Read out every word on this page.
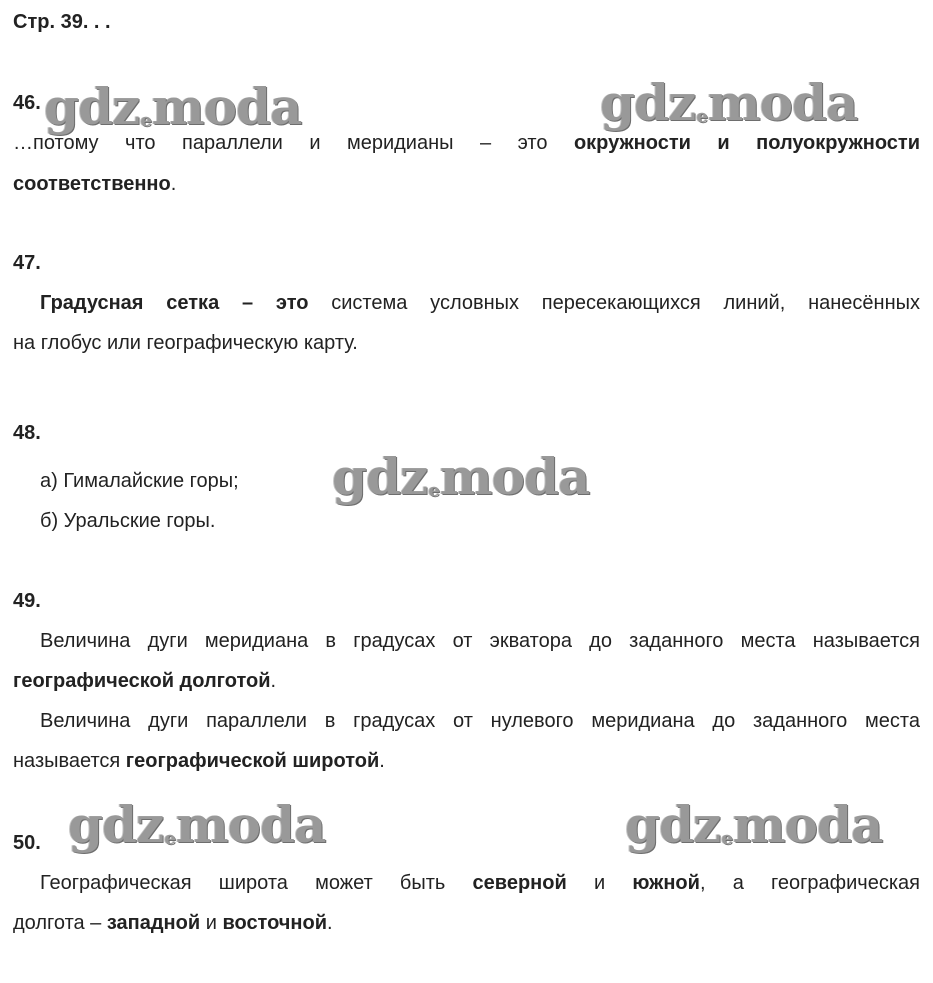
Стр. 39. . .
gdzemoda	gdzemoda
gdzemoda
gdzemoda	gdzemoda
46.
…потому что параллели и меридианы – это окружности и полуокружности
соответственно.
47.
Градусная сетка – это система условных пересекающихся линий, нанесённых
на глобус или географическую карту.
48.
а) Гималайские горы;
б) Уральские горы.
49.
Величина дуги меридиана в градусах от экватора до заданного места называется
географической долготой.
Величина дуги параллели в градусах от нулевого меридиана до заданного места
называется географической широтой.
50.
Географическая широта может быть северной и южной, а географическая
долгота – западной и восточной.
